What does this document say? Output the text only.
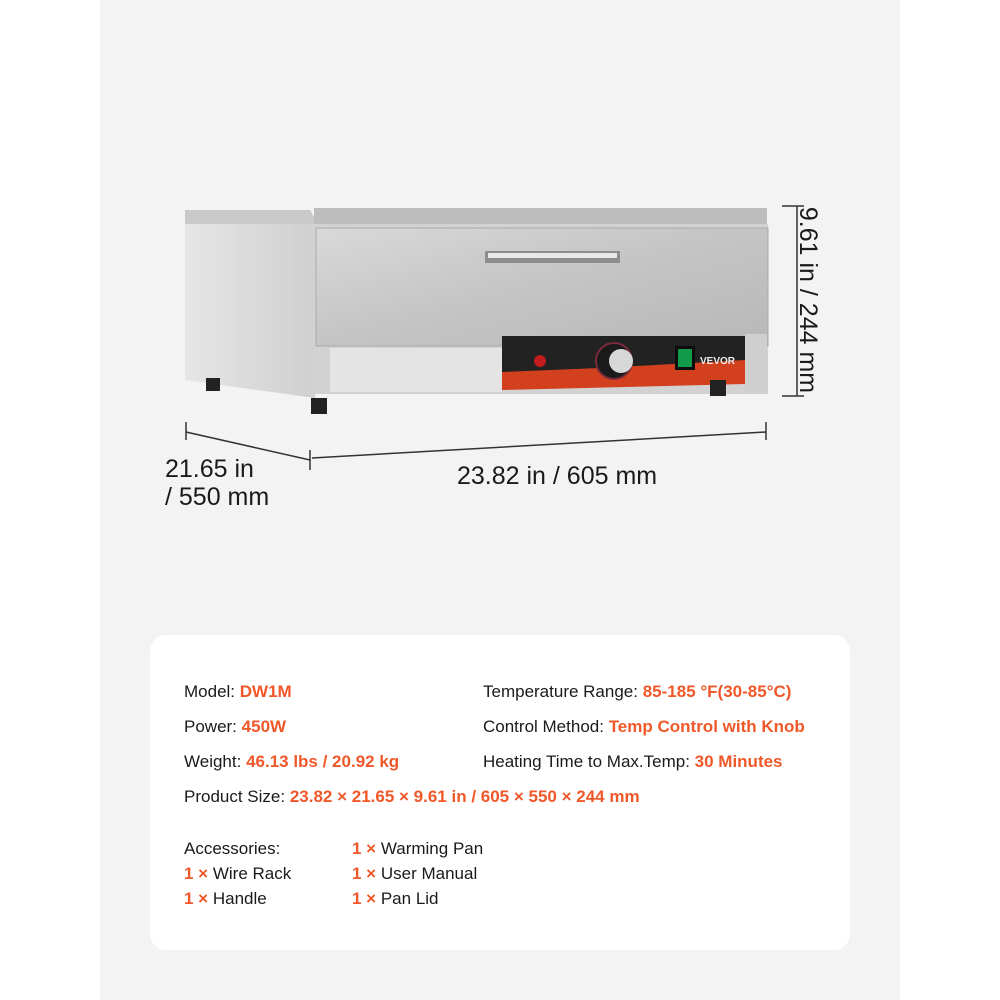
VEVOR 9.61 in / 244 mm
23.82 in / 605 mm
21.65 in
/ 550 mm
Model: DW1M
Power: 450W
Weight: 46.13 lbs / 20.92 kg
Temperature Range: 85-185 °F(30-85°C)
Control Method: Temp Control with Knob
Heating Time to Max.Temp: 30 Minutes
Product Size: 23.82 × 21.65 × 9.61 in / 605 × 550 × 244 mm
Accessories:	1 × Warming Pan
1 × Wire Rack	1 × User Manual
1 × Handle	1 × Pan Lid
